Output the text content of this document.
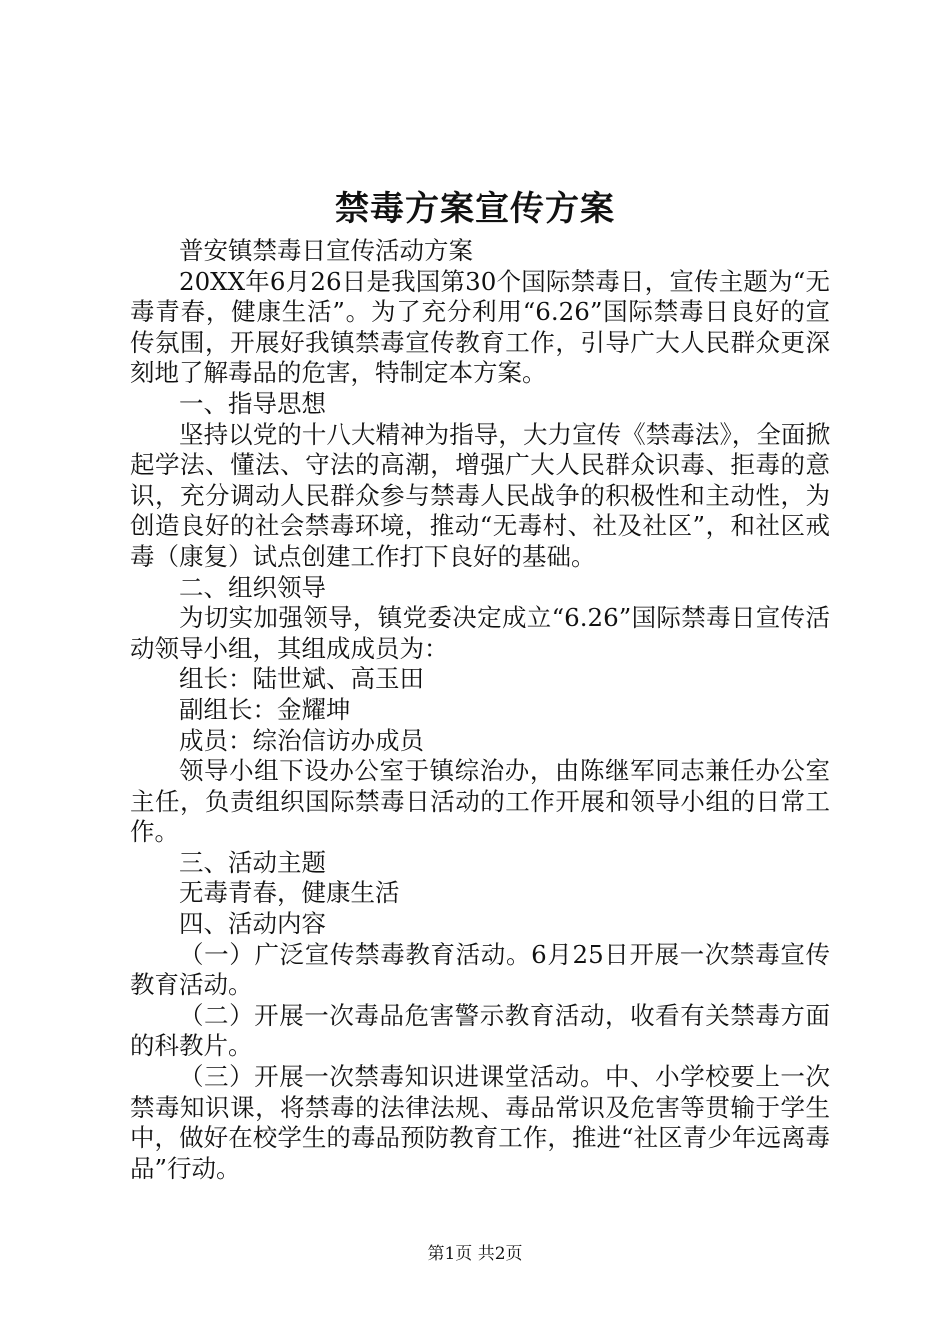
禁毒方案宣传方案

普安镇禁毒日宣传活动方案

20XX年6月26日是我国第30个国际禁毒日，宣传主题为“无毒青春，健康生活”。为了充分利用“6.26”国际禁毒日良好的宣传氛围，开展好我镇禁毒宣传教育工作，引导广大人民群众更深刻地了解毒品的危害，特制定本方案。

一、指导思想

坚持以党的十八大精神为指导，大力宣传《禁毒法》，全面掀起学法、懂法、守法的高潮，增强广大人民群众识毒、拒毒的意识，充分调动人民群众参与禁毒人民战争的积极性和主动性，为创造良好的社会禁毒环境，推动“无毒村、社及社区”，和社区戒毒（康复）试点创建工作打下良好的基础。

二、组织领导

为切实加强领导，镇党委决定成立“6.26”国际禁毒日宣传活动领导小组，其组成成员为：

组长：陆世斌、高玉田

副组长：金耀坤

成员：综治信访办成员

领导小组下设办公室于镇综治办，由陈继军同志兼任办公室主任，负责组织国际禁毒日活动的工作开展和领导小组的日常工作。

三、活动主题

无毒青春，健康生活

四、活动内容

（一）广泛宣传禁毒教育活动。6月25日开展一次禁毒宣传教育活动。

（二）开展一次毒品危害警示教育活动，收看有关禁毒方面的科教片。

（三）开展一次禁毒知识进课堂活动。中、小学校要上一次禁毒知识课，将禁毒的法律法规、毒品常识及危害等贯输于学生中，做好在校学生的毒品预防教育工作，推进“社区青少年远离毒品”行动。

第1页 共2页
